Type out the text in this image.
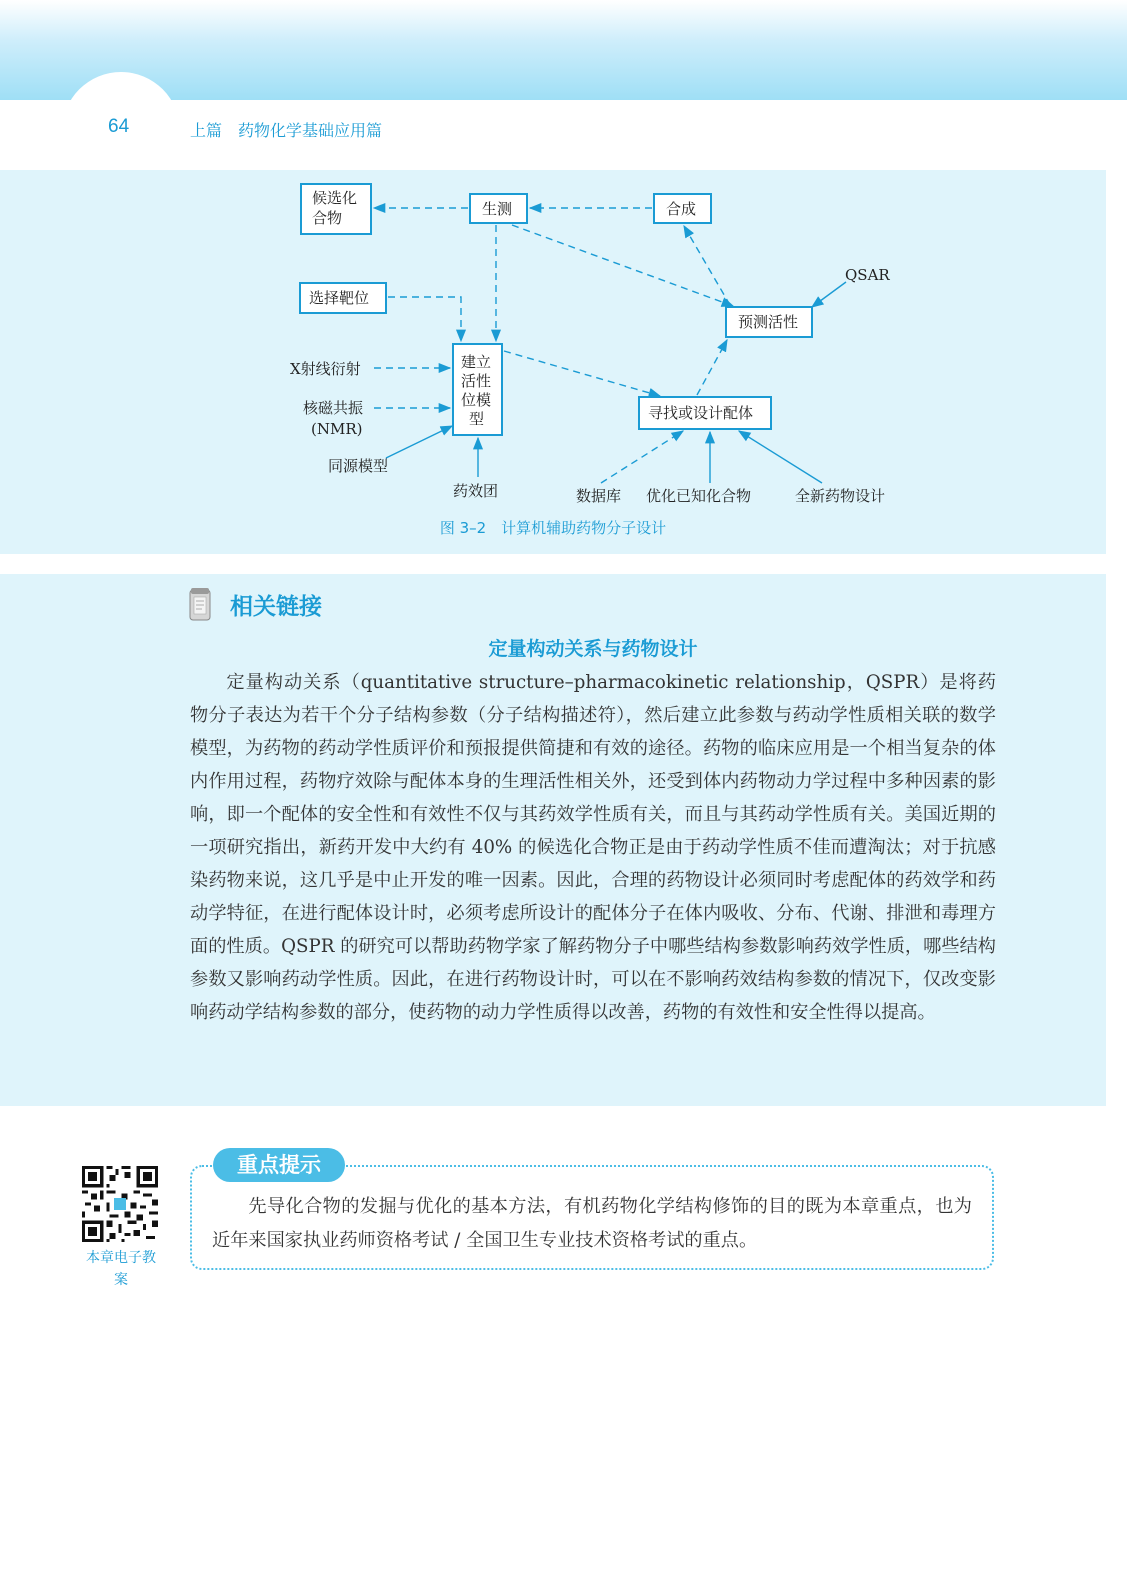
64	上篇　药物化学基础应用篇
候选化
合物	生测	合成
选择靶位
QSAR
预测活性
X射线衍射
核磁共振
(NMR)
同源模型
建立
活性
位模
型
药效团
寻找或设计配体
数据库 优化已知化合物	全新药物设计
图 3–2　计算机辅助药物分子设计
相关链接
定量构动关系与药物设计

定量构动关系（quantitative structure–pharmacokinetic relationship，QSPR）是将药物分子表达为若干个分子结构参数（分子结构描述符），然后建立此参数与药动学性质相关联的数学模型，为药物的药动学性质评价和预报提供简捷和有效的途径。药物的临床应用是一个相当复杂的体内作用过程，药物疗效除与配体本身的生理活性相关外，还受到体内药物动力学过程中多种因素的影响，即一个配体的安全性和有效性不仅与其药效学性质有关，而且与其药动学性质有关。美国近期的一项研究指出，新药开发中大约有 40% 的候选化合物正是由于药动学性质不佳而遭淘汰；对于抗感染药物来说，这几乎是中止开发的唯一因素。因此，合理的药物设计必须同时考虑配体的药效学和药动学特征，在进行配体设计时，必须考虑所设计的配体分子在体内吸收、分布、代谢、排泄和毒理方面的性质。QSPR 的研究可以帮助药物学家了解药物分子中哪些结构参数影响药效学性质，哪些结构参数又影响药动学性质。因此，在进行药物设计时，可以在不影响药效结构参数的情况下，仅改变影响药动学结构参数的部分，使药物的动力学性质得以改善，药物的有效性和安全性得以提高。

本章电子教案
重点提示

先导化合物的发掘与优化的基本方法，有机药物化学结构修饰的目的既为本章重点，也为近年来国家执业药师资格考试 / 全国卫生专业技术资格考试的重点。
